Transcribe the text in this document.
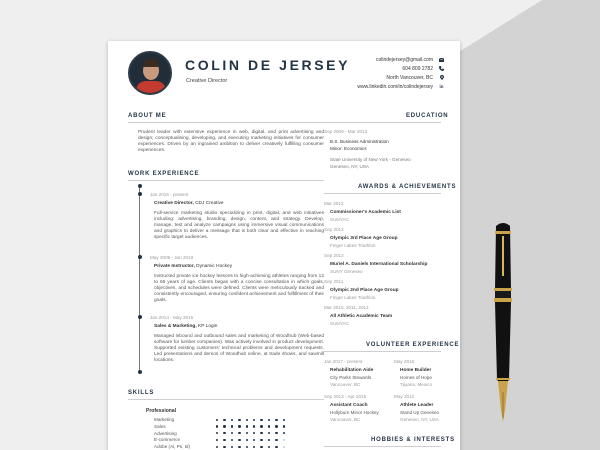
COLIN DE JERSEY
Creative Director
colindejersey@gmail.com
604 809 2782
North Vancouver, BC
www.linkedin.com/in/colindejersey in
ABOUT ME
Prudent leader with extensive experience in web, digital, and print advertising and design; conceptualising, developing, and executing marketing initiatives for consumer experiences. Driven by an ingrained ambition to deliver creatively fulfilling consumer experiences.
WORK EXPERIENCE
Jan 2015 - present
Creative Director, CDJ Creative
Full-service marketing studio specializing in print, digital, and web initiatives including: advertising, branding, design, content, and strategy. Develop, manage, test and analyze campaigns using immersive visual communications and graphics to deliver a message that is both clear and effective in reaching specific target audiences.
May 2009 - Jan 2019
Private Instructor, Dynamic Hockey
Instructed private ice hockey lessons to high-achieving athletes ranging from 12 to 65 years of age. Clients began with a concise consultation in which goals, objectives, and schedules were defined. Clients were meticulously tracked and consistently encouraged, ensuring confident achievement and fulfillment of their goals.
Jan 2014 - May 2015
Sales & Marketing, KP Login
Managed inbound and outbound sales and marketing of Woodhub (Web-based software for lumber companies). Was actively involved in product development. Supported existing customers' technical problems and development requests. Led presentations and demos of Woodhub online, at trade shows, and sawmill locations.
SKILLS
Professional
Marketing
Sales
Advertising
E-commerce
Adobe (Ai, Ps, Id)
EDUCATION
Sep 2009 - Mar 2013
B.S. Business Administration
Minor: Economics
State University of New York - Geneseo
Geneseo, NY, USA
AWARDS & ACHIEVEMENTS
Mar 2012
Commissioner's Academic List
SUNYAC
Sep 2012
Olympic 3rd Place Age Group
Finger Lakes Triathlon
Sep 2012
Muriel A. Daniels International Scholarship
SUNY Geneseo
Sep 2011
Olympic 2nd Place Age Group
Finger Lakes Triathlon
Mar 2010, 2011, 2012
All Athletic Academic Team
SUNYAC
VOLUNTEER EXPERIENCE
Jan 2017 - present
Rehabilitation Aide
City Parks Stewards
Vancouver, BC
May 2016
Home Builder
Homes of Hope
Tijuana, Mexico
Sep 2013 - Apr 2015
Assistant Coach
Hollyburn Minor Hockey
Vancouver, BC
May 2012
Athlete Leader
Stand Up Geneseo
Geneseo, NY, USA
HOBBIES & INTERESTS
